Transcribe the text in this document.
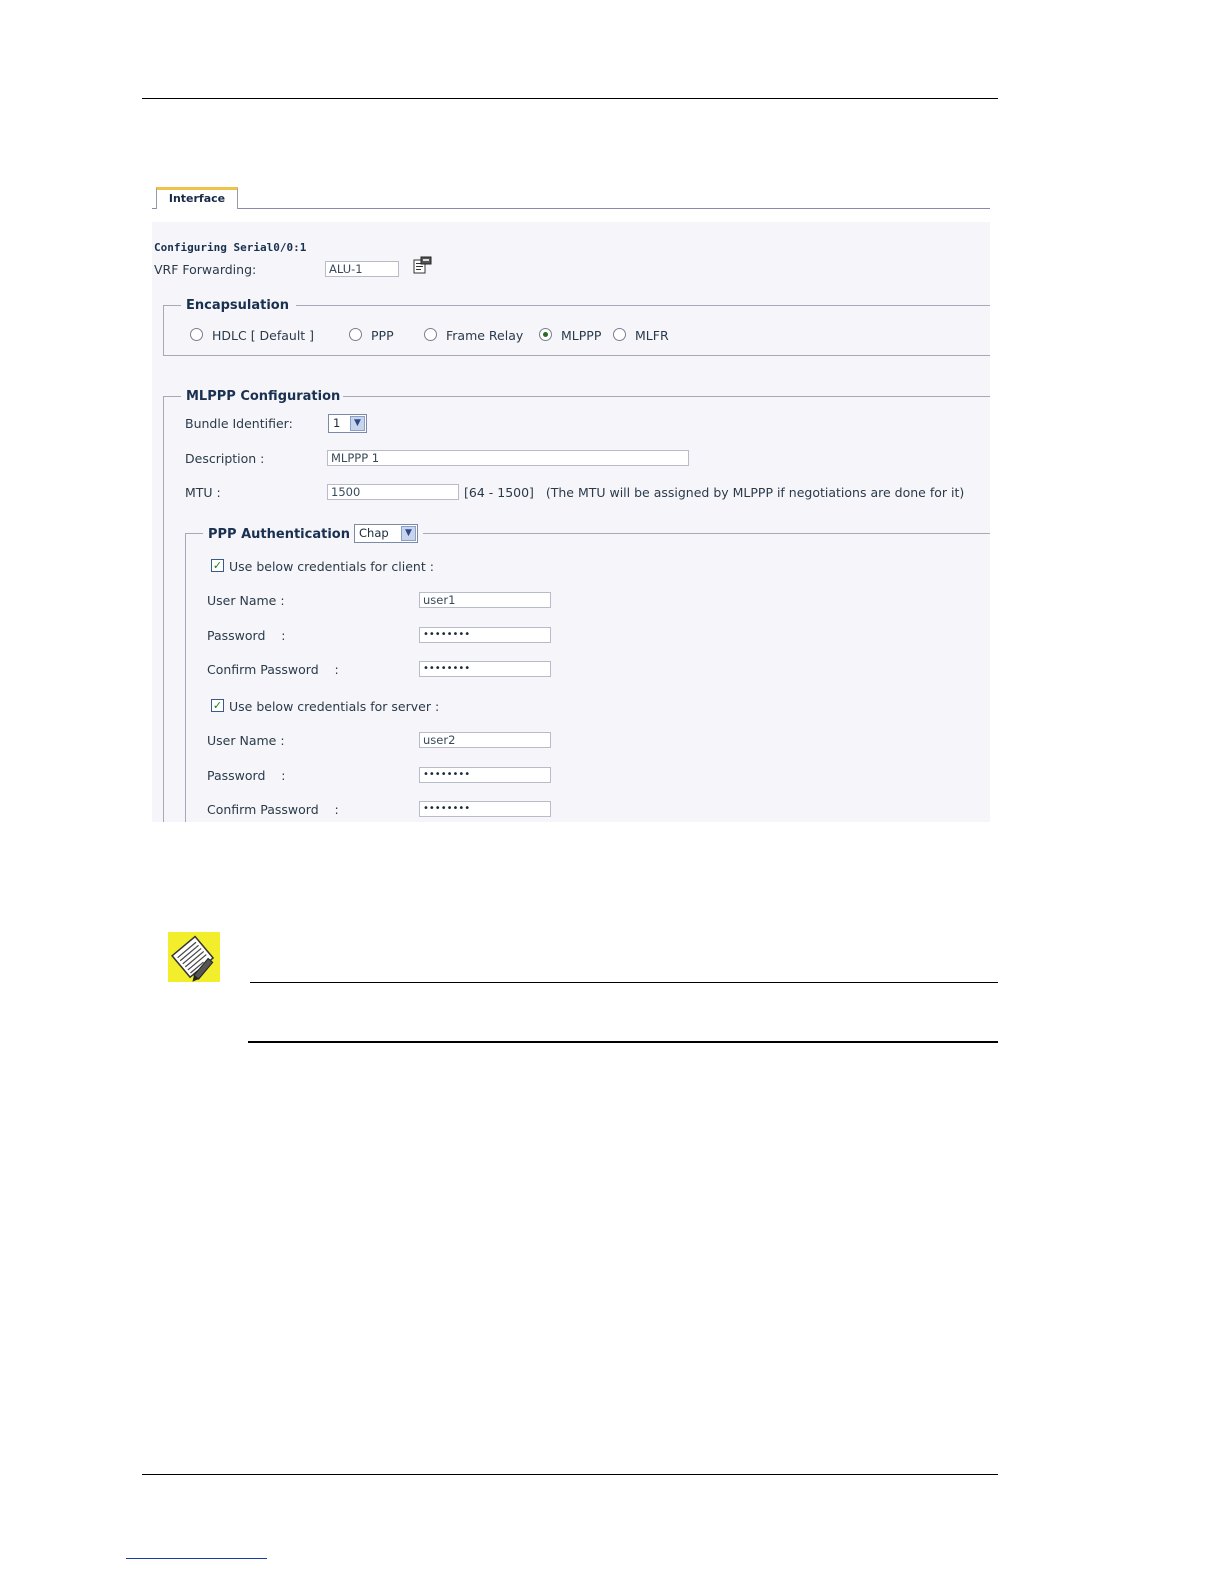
Interface
Configuring Serial0/0:1
VRF Forwarding:	ALU-1
Encapsulation
HDLC [ Default ]	PPP	Frame Relay	MLPPP	MLFR
MLPPP Configuration
Bundle Identifier:	1	▼
Description :	MLPPP 1
MTU :	1500	[64 - 1500]   (The MTU will be assigned by MLPPP if negotiations are done for it)
PPP Authentication Chap	▼
✓ Use below credentials for client :
User Name :	user1
Password    :	••••••••
Confirm Password    :	••••••••
✓ Use below credentials for server :
User Name :	user2
Password    :	••••••••
Confirm Password    :	••••••••
